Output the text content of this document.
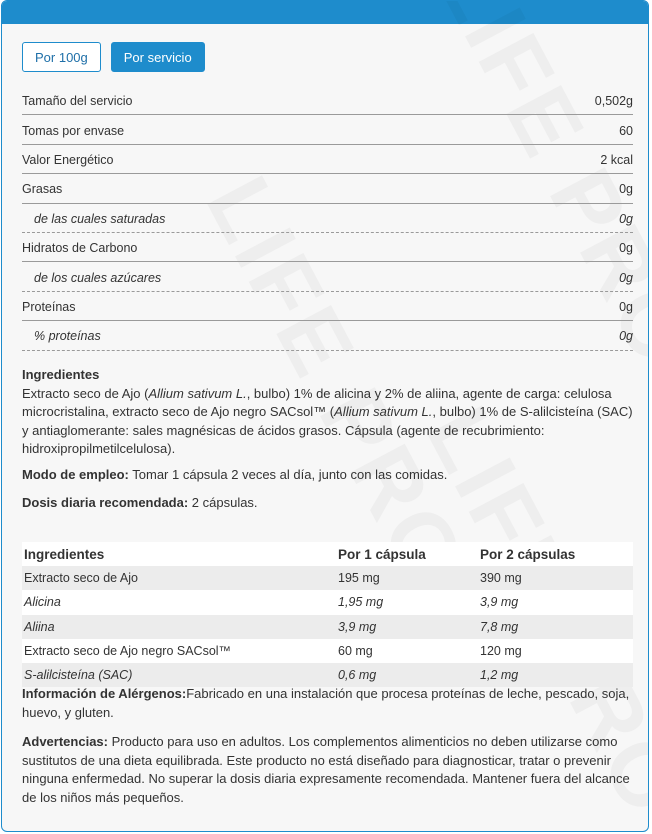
Por 100g	Por servicio
Tamaño del servicio	0,502g
Tomas por envase	60
Valor Energético	2 kcal
Grasas	0g
de las cuales saturadas	0g
Hidratos de Carbono	0g
de los cuales azúcares	0g
Proteínas	0g
% proteínas	0g
Ingredientes
Extracto seco de Ajo (Allium sativum L., bulbo) 1% de alicina y 2% de aliina, agente de carga: celulosa microcristalina, extracto seco de Ajo negro SACsol™ (Allium sativum L., bulbo) 1% de S-alilcisteína (SAC) y antiaglomerante: sales magnésicas de ácidos grasos. Cápsula (agente de recubrimiento: hidroxipropilmetilcelulosa).
Modo de empleo: Tomar 1 cápsula 2 veces al día, junto con las comidas.
Dosis diaria recomendada: 2 cápsulas.
Ingredientes	Por 1 cápsula	Por 2 cápsulas
Extracto seco de Ajo	195 mg	390 mg
Alicina	1,95 mg	3,9 mg
Aliina	3,9 mg	7,8 mg
Extracto seco de Ajo negro SACsol™	60 mg	120 mg
S-alilcisteína (SAC)	0,6 mg	1,2 mg
Información de Alérgenos:Fabricado en una instalación que procesa proteínas de leche, pescado, soja, huevo, y gluten.
Advertencias: Producto para uso en adultos. Los complementos alimenticios no deben utilizarse como sustitutos de una dieta equilibrada. Este producto no está diseñado para diagnosticar, tratar o prevenir ninguna enfermedad. No superar la dosis diaria expresamente recomendada. Mantener fuera del alcance de los niños más pequeños.
